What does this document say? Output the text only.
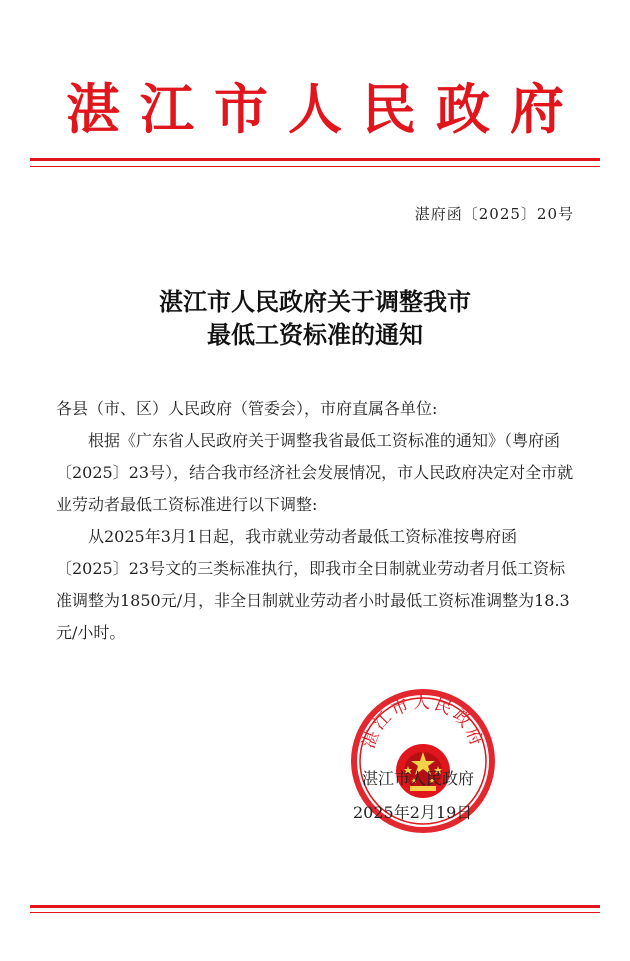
湛江市人民政府
湛府函〔2025〕20号
湛江市人民政府关于调整我市
最低工资标准的通知

各县（市、区）人民政府（管委会），市府直属各单位:

根据《广东省人民政府关于调整我省最低工资标准的通知》（粤府函〔2025〕23号），结合我市经济社会发展情况，市人民政府决定对全市就业劳动者最低工资标准进行以下调整:

从2025年3月1日起，我市就业劳动者最低工资标准按粤府函〔2025〕23号文的三类标准执行，即我市全日制就业劳动者月低工资标准调整为1850元/月，非全日制就业劳动者小时最低工资标准调整为18.3元/小时。

湛江市人民政府
湛江市人民政府
2025年2月19日
